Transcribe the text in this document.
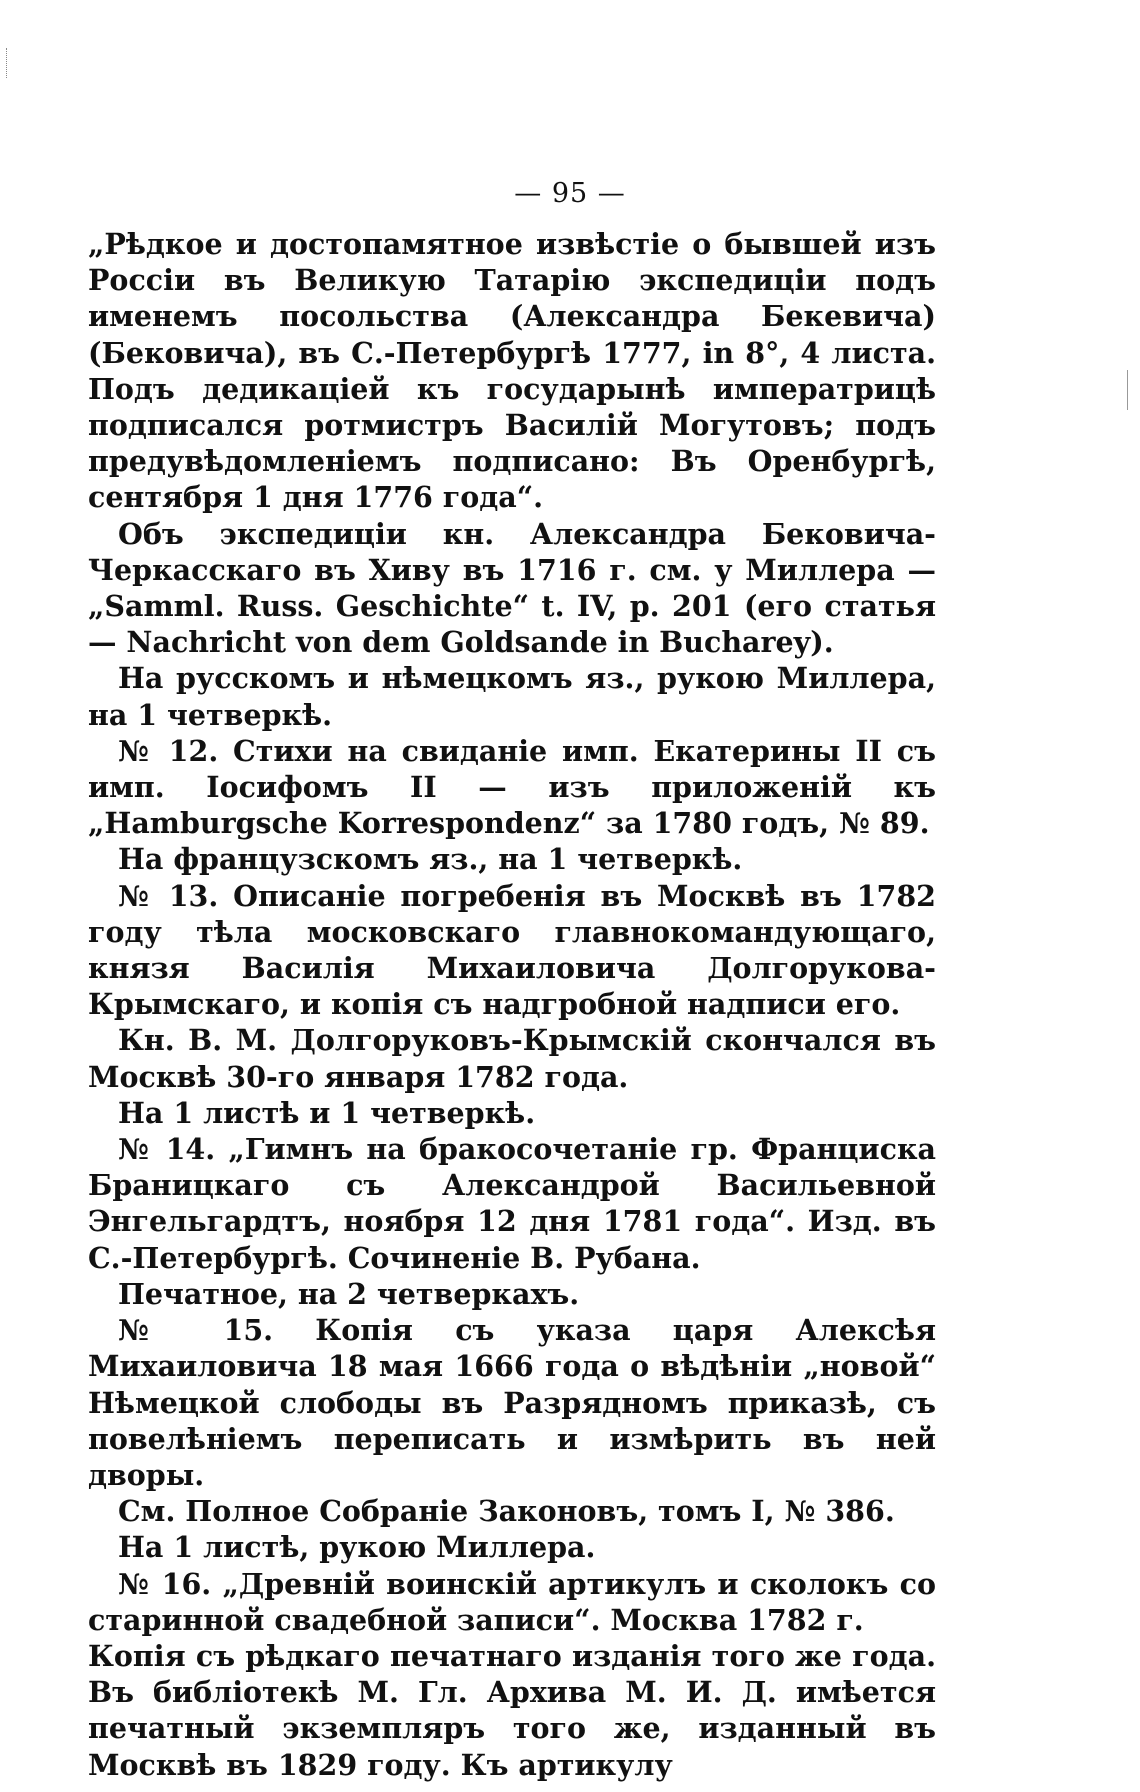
— 95 —

„Рѣдкое и достопамятное извѣстіе о бывшей изъ Россіи въ Великую Татарію экспедиціи подъ именемъ посольства (Александра Бекевича) (Бековича), въ С.-Петербургѣ 1777, in 8°, 4 листа. Подъ дедикаціей къ государынѣ императрицѣ подписался ротмистръ Василій Могутовъ; подъ предувѣдомленіемъ подписано: Въ Оренбургѣ, сентября 1 дня 1776 года“.

Объ экспедиціи кн. Александра Бековича-Черкасскаго въ Хиву въ 1716 г. см. у Миллера — „Samml. Russ. Geschichte“ t. IV, p. 201 (его статья — Nachricht von dem Goldsande in Bucharey).

На русскомъ и нѣмецкомъ яз., рукою Миллера, на 1 четверкѣ.

№ 12. Стихи на свиданіе имп. Екатерины II съ имп. Іосифомъ II — изъ приложеній къ „Hamburgsche Korrespondenz“ за 1780 годъ, № 89.

На французскомъ яз., на 1 четверкѣ.

№ 13. Описаніе погребенія въ Москвѣ въ 1782 году тѣла московскаго главнокомандующаго, князя Василія Михаиловича Долгорукова-Крымскаго, и копія съ надгробной надписи его.

Кн. В. М. Долгоруковъ-Крымскій скончался въ Москвѣ 30-го января 1782 года.

На 1 листѣ и 1 четверкѣ.

№ 14. „Гимнъ на бракосочетаніе гр. Франциска Браницкаго съ Александрой Васильевной Энгельгардтъ, ноября 12 дня 1781 года“. Изд. въ С.-Петербургѣ. Сочиненіе В. Рубана.

Печатное, на 2 четверкахъ.

№ 15. Копія съ указа царя Алексѣя Михаиловича 18 мая 1666 года о вѣдѣніи „новой“ Нѣмецкой слободы въ Разрядномъ приказѣ, съ повелѣніемъ переписать и измѣрить въ ней дворы.

См. Полное Собраніе Законовъ, томъ I, № 386.

На 1 листѣ, рукою Миллера.

№ 16. „Древній воинскій артикулъ и сколокъ со старинной свадебной записи“. Москва 1782 г.

Копія съ рѣдкаго печатнаго изданія того же года. Въ библіотекѣ М. Гл. Архива М. И. Д. имѣется печатный экземпляръ того же, изданный въ Москвѣ въ 1829 году. Къ артикулу
